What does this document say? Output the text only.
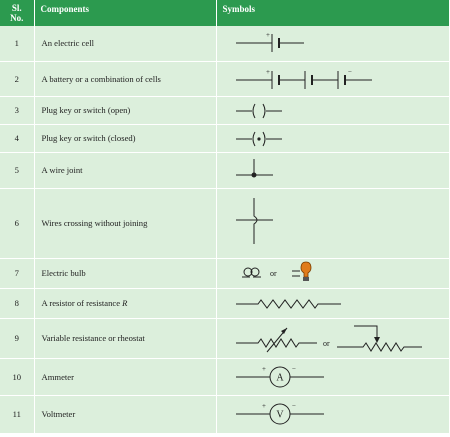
Sl.
No.	Components	Symbols
1	An electric cell	+

2	A battery or a combination of cells	+ −

3	Plug key or switch (open)	

4	Plug key or switch (closed)	

5	A wire joint	

6	Wires crossing without joining	

7	Electric bulb	or

8	A resistor of resistance R	

9	Variable resistance or rheostat	or

10	Ammeter	A
+ −

11	Voltmeter	V
+ −
